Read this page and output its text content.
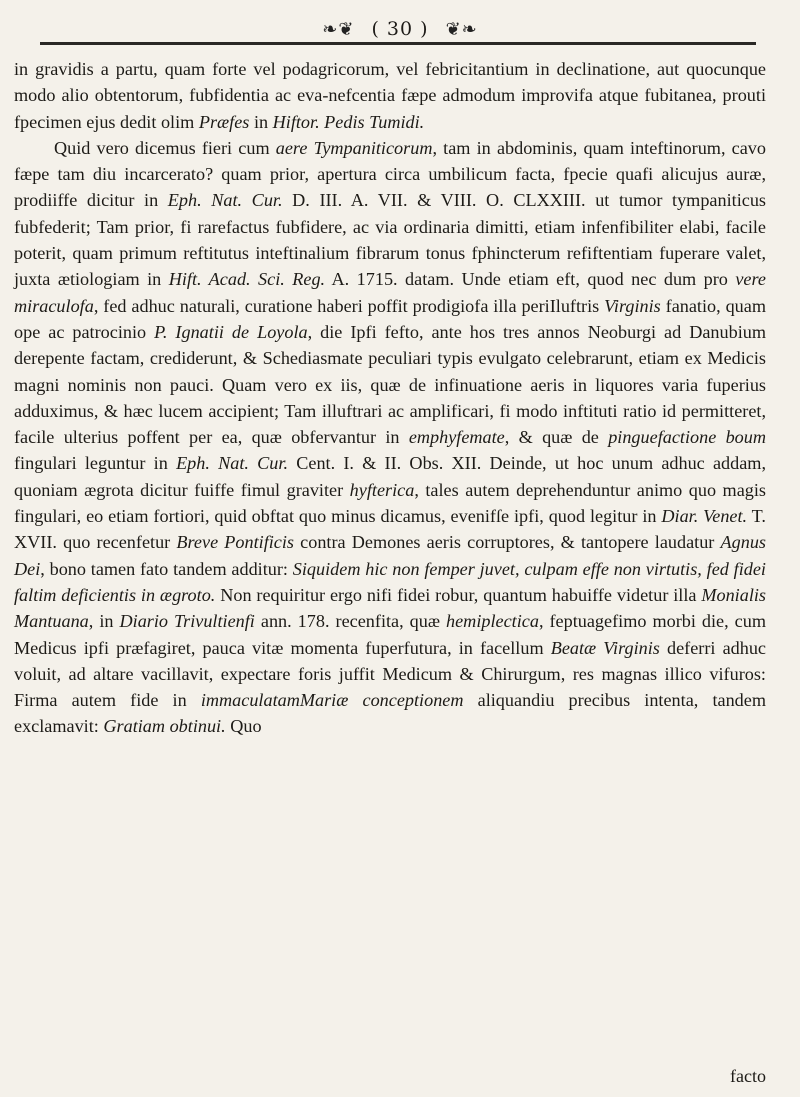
❧❦ ( 30 ) ❦❧

in gravidis a partu, quam forte vel podagricorum, vel febricitantium in declinatione, aut quocunque modo alio obtentorum, fubfidentia ac eva-nefcentia fæpe admodum improvifa atque fubitanea, prouti fpecimen ejus dedit olim Præfes in Hiftor. Pedis Tumidi.

Quid vero dicemus fieri cum aere Tympaniticorum, tam in abdominis, quam inteftinorum, cavo fæpe tam diu incarcerato? quam prior, apertura circa umbilicum facta, fpecie quafi alicujus auræ, prodiiffe dicitur in Eph. Nat. Cur. D. III. A. VII. & VIII. O. CLXXIII. ut tumor tympaniticus fubfederit; Tam prior, fi rarefactus fubfidere, ac via ordinaria dimitti, etiam infenfibiliter elabi, facile poterit, quam primum reftitutus inteftinalium fibrarum tonus fphincterum refiftentiam fuperare valet, juxta ætiologiam in Hift. Acad. Sci. Reg. A. 1715. datam. Unde etiam eft, quod nec dum pro vere miraculofa, fed adhuc naturali, curatione haberi poffit prodigiofa illa periIluftris Virginis fanatio, quam ope ac patrocinio P. Ignatii de Loyola, die Ipfi fefto, ante hos tres annos Neoburgi ad Danubium derepente factam, crediderunt, & Schediasmate peculiari typis evulgato celebrarunt, etiam ex Medicis magni nominis non pauci. Quam vero ex iis, quæ de infinuatione aeris in liquores varia fuperius adduximus, & hæc lucem accipient; Tam illuftrari ac amplificari, fi modo inftituti ratio id permitteret, facile ulterius poffent per ea, quæ obfervantur in emphyfemate, & quæ de pinguefactione boum fingulari leguntur in Eph. Nat. Cur. Cent. I. & II. Obs. XII. Deinde, ut hoc unum adhuc addam, quoniam ægrota dicitur fuiffe fimul graviter hyfterica, tales autem deprehenduntur animo quo magis fingulari, eo etiam fortiori, quid obftat quo minus dicamus, evenifſe ipfi, quod legitur in Diar. Venet. T. XVII. quo recenfetur Breve Pontificis contra Demones aeris corruptores, & tantopere laudatur Agnus Dei, bono tamen fato tandem additur: Siquidem hic non femper juvet, culpam effe non virtutis, fed fidei faltim deficientis in ægroto. Non requiritur ergo nifi fidei robur, quantum habuiffe videtur illa Monialis Mantuana, in Diario Trivultienfi ann. 178. recenfita, quæ hemiplectica, feptuagefimo morbi die, cum Medicus ipfi præfagiret, pauca vitæ momenta fuperfutura, in facellum Beatæ Virginis deferri adhuc voluit, ad altare vacillavit, expectare foris juffit Medicum & Chirurgum, res magnas illico vifuros: Firma autem fide in immaculatamMariæ conceptionem aliquandiu precibus intenta, tandem exclamavit: Gratiam obtinui. Quo

facto
